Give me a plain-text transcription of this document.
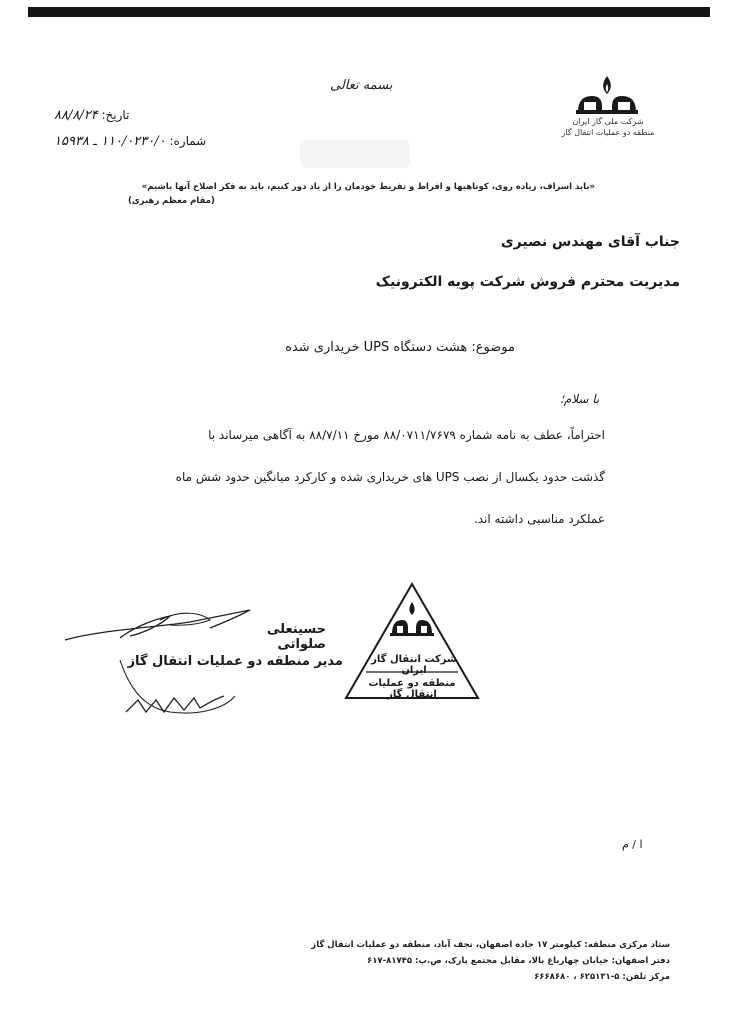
شرکت ملی گاز ایران
منطقه دو عملیات انتقال گاز
بسمه تعالی
تاریخ: ۸۸/۸/۲۴
شماره: ۱۱۰/۰۲۳۰/۰ ـ ۱۵۹۳۸
«باید اسراف، زیاده روی، کوتاهیها و افراط و تفریط خودمان را از یاد دور کنیم، باید به فکر اصلاح آنها باشیم»
(مقام معظم رهبری)
جناب آقای مهندس نصیری
مدیریت محترم فروش شرکت پویه الکترونیک
موضوع: هشت دستگاه UPS خریداری شده
با سلام؛
احتراماً، عطف به نامه شماره ۸۸/۰۷۱۱/۷۶۷۹ مورخ ۸۸/۷/۱۱ به آگاهی میرساند با
گذشت حدود یکسال از نصب UPS های خریداری شده و کارکرد میانگین حدود شش ماه
عملکرد مناسبی داشته اند.
حسینعلی صلواتی
مدیر منطقه دو عملیات انتقال گاز	شرکت انتقال گاز ایران
منطقه دو عملیات انتقال گاز
ا / م
ستاد مرکزی منطقه: کیلومتر ۱۷ جاده اصفهان، نجف آباد، منطقه دو عملیات انتقال گاز
دفتر اصفهان: خیابان چهارباغ بالا، مقابل مجتمع پارک، ص.پ: ۸۱۷۴۵-۶۱۷
مرکز تلفن: ۵-۶۲۵۱۳۱ ، ۶۶۶۸۶۸۰
